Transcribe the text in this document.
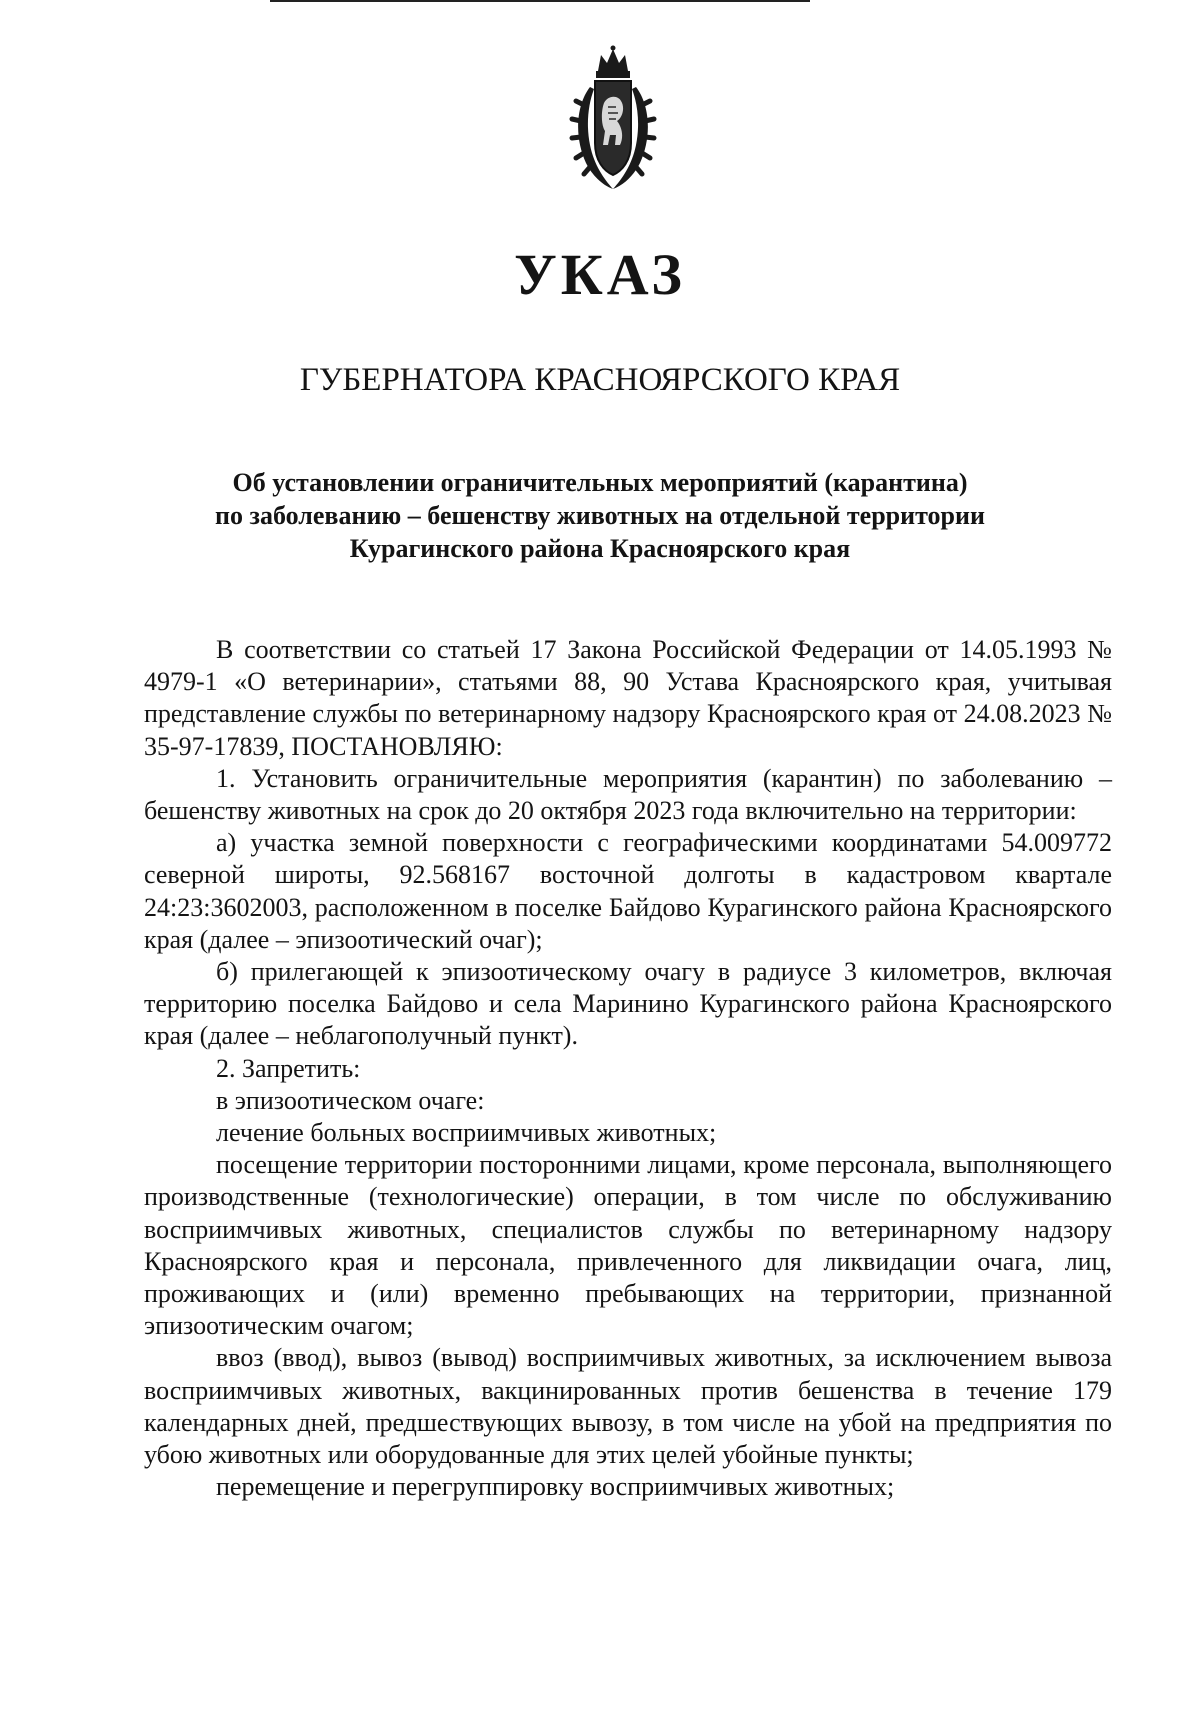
УКАЗ
ГУБЕРНАТОРА КРАСНОЯРСКОГО КРАЯ
Об установлении ограничительных мероприятий (карантина)
по заболеванию – бешенству животных на отдельной территории
Курагинского района Красноярского края

В соответствии со статьей 17 Закона Российской Федерации от 14.05.1993 № 4979-1 «О ветеринарии», статьями 88, 90 Устава Красноярского края, учитывая представление службы по ветеринарному надзору Красноярского края от 24.08.2023 № 35-97-17839, ПОСТАНОВЛЯЮ:

1. Установить ограничительные мероприятия (карантин) по заболеванию – бешенству животных на срок до 20 октября 2023 года включительно на территории:

а) участка земной поверхности с географическими координатами 54.009772 северной широты, 92.568167 восточной долготы в кадастровом квартале 24:23:3602003, расположенном в поселке Байдово Курагинского района Красноярского края (далее – эпизоотический очаг);

б) прилегающей к эпизоотическому очагу в радиусе 3 километров, включая территорию поселка Байдово и села Маринино Курагинского района Красноярского края (далее – неблагополучный пункт).

2. Запретить:

в эпизоотическом очаге:

лечение больных восприимчивых животных;

посещение территории посторонними лицами, кроме персонала, выполняющего производственные (технологические) операции, в том числе по обслуживанию восприимчивых животных, специалистов службы по ветеринарному надзору Красноярского края и персонала, привлеченного для ликвидации очага, лиц, проживающих и (или) временно пребывающих на территории, признанной эпизоотическим очагом;

ввоз (ввод), вывоз (вывод) восприимчивых животных, за исключением вывоза восприимчивых животных, вакцинированных против бешенства в течение 179 календарных дней, предшествующих вывозу, в том числе на убой на предприятия по убою животных или оборудованные для этих целей убойные пункты;

перемещение и перегруппировку восприимчивых животных;
